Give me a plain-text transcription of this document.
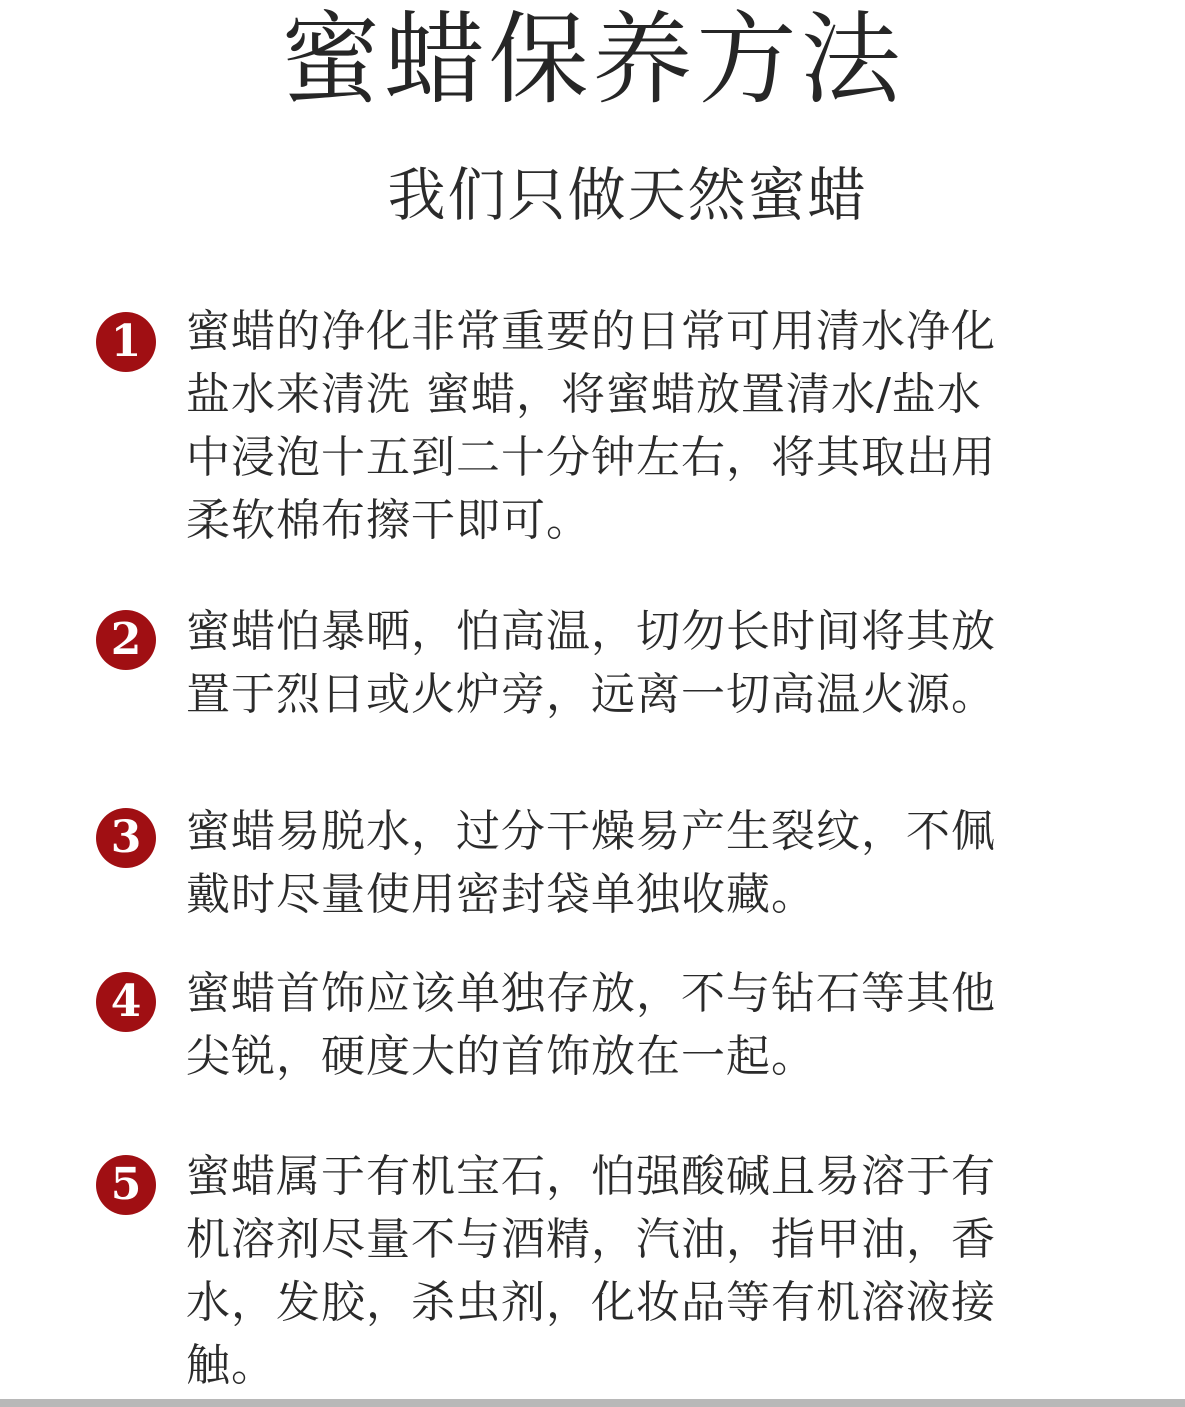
蜜蜡保养方法
我们只做天然蜜蜡
1	蜜蜡的净化非常重要的日常可用清水净化
盐水来清洗 蜜蜡，将蜜蜡放置清水/盐水
中浸泡十五到二十分钟左右，将其取出用
柔软棉布擦干即可。
2	蜜蜡怕暴晒，怕高温，切勿长时间将其放
置于烈日或火炉旁，远离一切高温火源。
3	蜜蜡易脱水，过分干燥易产生裂纹，不佩
戴时尽量使用密封袋单独收藏。
4	蜜蜡首饰应该单独存放，不与钻石等其他
尖锐，硬度大的首饰放在一起。
5	蜜蜡属于有机宝石，怕强酸碱且易溶于有
机溶剂尽量不与酒精，汽油，指甲油，香
水，发胶，杀虫剂，化妆品等有机溶液接
触。
